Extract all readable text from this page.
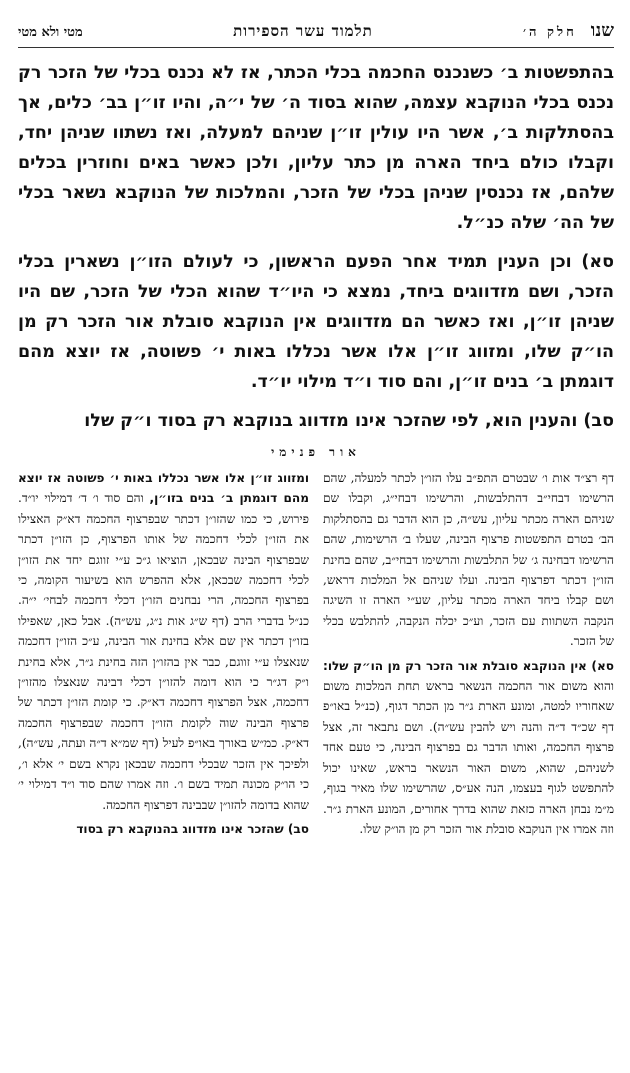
שנו
חלק ה׳
תלמוד עשר הספירות
מטי ולא מטי

בהתפשטות ב׳ כשנכנס החכמה בכלי הכתר, אז לא נכנס בכלי של הזכר רק נכנס בכלי הנוקבא עצמה, שהוא בסוד ה׳ של י״ה, והיו זו״ן בב׳ כלים, אך בהסתלקות ב׳, אשר היו עולין זו״ן שניהם למעלה, ואז נשתוו שניהן יחד, וקבלו כולם ביחד הארה מן כתר עליון, ולכן כאשר באים וחוזרין בכלים שלהם, אז נכנסין שניהן בכלי של הזכר, והמלכות של הנוקבא נשאר בכלי של הה׳ שלה כנ״ל.

סא) וכן הענין תמיד אחר הפעם הראשון, כי לעולם הזו״ן נשארין בכלי הזכר, ושם מזדווגים ביחד, נמצא כי היו״ד שהוא הכלי של הזכר, שם היו שניהן זו״ן, ואז כאשר הם מזדווגים אין הנוקבא סובלת אור הזכר רק מן הו״ק שלו, ומזווג זו״ן אלו אשר נכללו באות י׳ פשוטה, אז יוצא מהם דוגמתן ב׳ בנים זו״ן, והם סוד ו״ד מילוי יו״ד.

סב) והענין הוא, לפי שהזכר אינו מזדווג בנוקבא רק בסוד ו״ק שלו

אור פנימי

דף רצ״ד אות ו׳ שבטרם התפ״ב עלו הזו״ן לכתר למעלה, שהם הרשימו דבחי״ב דהתלבשות, והרשימו דבחי״ג, וקבלו שם שניהם הארה מכתר עליון, עש״ה, כן הוא הדבר גם בהסתלקות הב׳ בטרם התפשטות פרצוף הבינה, שעלו ב׳ הרשימות, שהם הרשימו דבחינה ג׳ של התלבשות והרשימו דבחי״ב, שהם בחינת הזו״ן דכתר דפרצוף הבינה. ועלו שניהם אל המלכות דראש, ושם קבלו ביחד הארה מכתר עליון, שע״י הארה זו השיגה הנקבה השתוות עם הזכר, וע״כ יכלה הנקבה, להתלבש בכלי של הזכר.

סא) אין הנוקבא סובלת אור הזכר רק מן הו״ק שלו: והוא משום אור החכמה הנשאר בראש תחת המלכות משום שאחוריו למטה, ומונע הארת ג״ר מן הכתר דגוף, (כנ״ל באו״פ דף שכ״ד ד״ה והנה ויש להבין עש״ה). ושם נתבאר זה, אצל פרצוף החכמה, ואותו הדבר גם בפרצוף הבינה, כי טעם אחד לשניהם, שהוא, משום האור הנשאר בראש, שאינו יכול להתפשט לגוף בעצמו, הנה אע״ס, שהרשימו שלו מאיר בגוף, מ״מ נבחן הארה כזאת שהוא בדרך אחורים, המונע הארת ג״ר. וזה אמרו אין הנוקבא סובלת אור הזכר רק מן הו״ק שלו.

ומזווג זו״ן אלו אשר נכללו באות י׳ פשוטה אז יוצא מהם דוגמתן ב׳ בנים בזו״ן, והם סוד ו׳ ד׳ דמילוי יו״ד. פירוש, כי כמו שהזו״ן דכתר שבפרצוף החכמה דא״ק האצילו את הזו״ן לכלי דחכמה של אותו הפרצוף, כן הזו״ן דכתר שבפרצוף הבינה שבכאן, הוציאו ג״כ ע״י זווגם יחד את הזו״ן לכלי דחכמה שבכאן, אלא ההפרש הוא בשיעור הקומה, כי בפרצוף החכמה, הרי נבחנים הזו״ן דכלי דחכמה לבחי׳ י״ה. כנ״ל בדברי הרב (דף ש״ג אות נ״ג, עש״ה). אבל כאן, שאפילו בזו״ן דכתר אין שם אלא בחינת אור הבינה, ע״כ הזו״ן דחכמה שנאצלו ע״י זווגם, כבר אין בהזו״ן הזה בחינת ג״ר, אלא בחינת ו״ק דג״ר כי הוא דומה להזו״ן דכלי דבינה שנאצלו מהזו״ן דחכמה, אצל הפרצוף דחכמה דא״ק. כי קומת הזו״ן דכתר של פרצוף הבינה שוה לקומת הזו״ן דחכמה שבפרצוף החכמה דא״ק. כמ״ש באורך באו״פ לעיל (דף שמ״א ד״ה ועתה, עש״ה), ולפיכך אין הזכר שבכלי דחכמה שבכאן נקרא בשם י׳ אלא ו׳, כי הו״ק מכונה תמיד בשם ו׳. וזה אמרו שהם סוד ו״ד דמילוי י׳ שהוא בדומה להזו״ן שבבינה דפרצוף החכמה.

סב) שהזכר אינו מזדווג בהנוקבא רק בסוד
